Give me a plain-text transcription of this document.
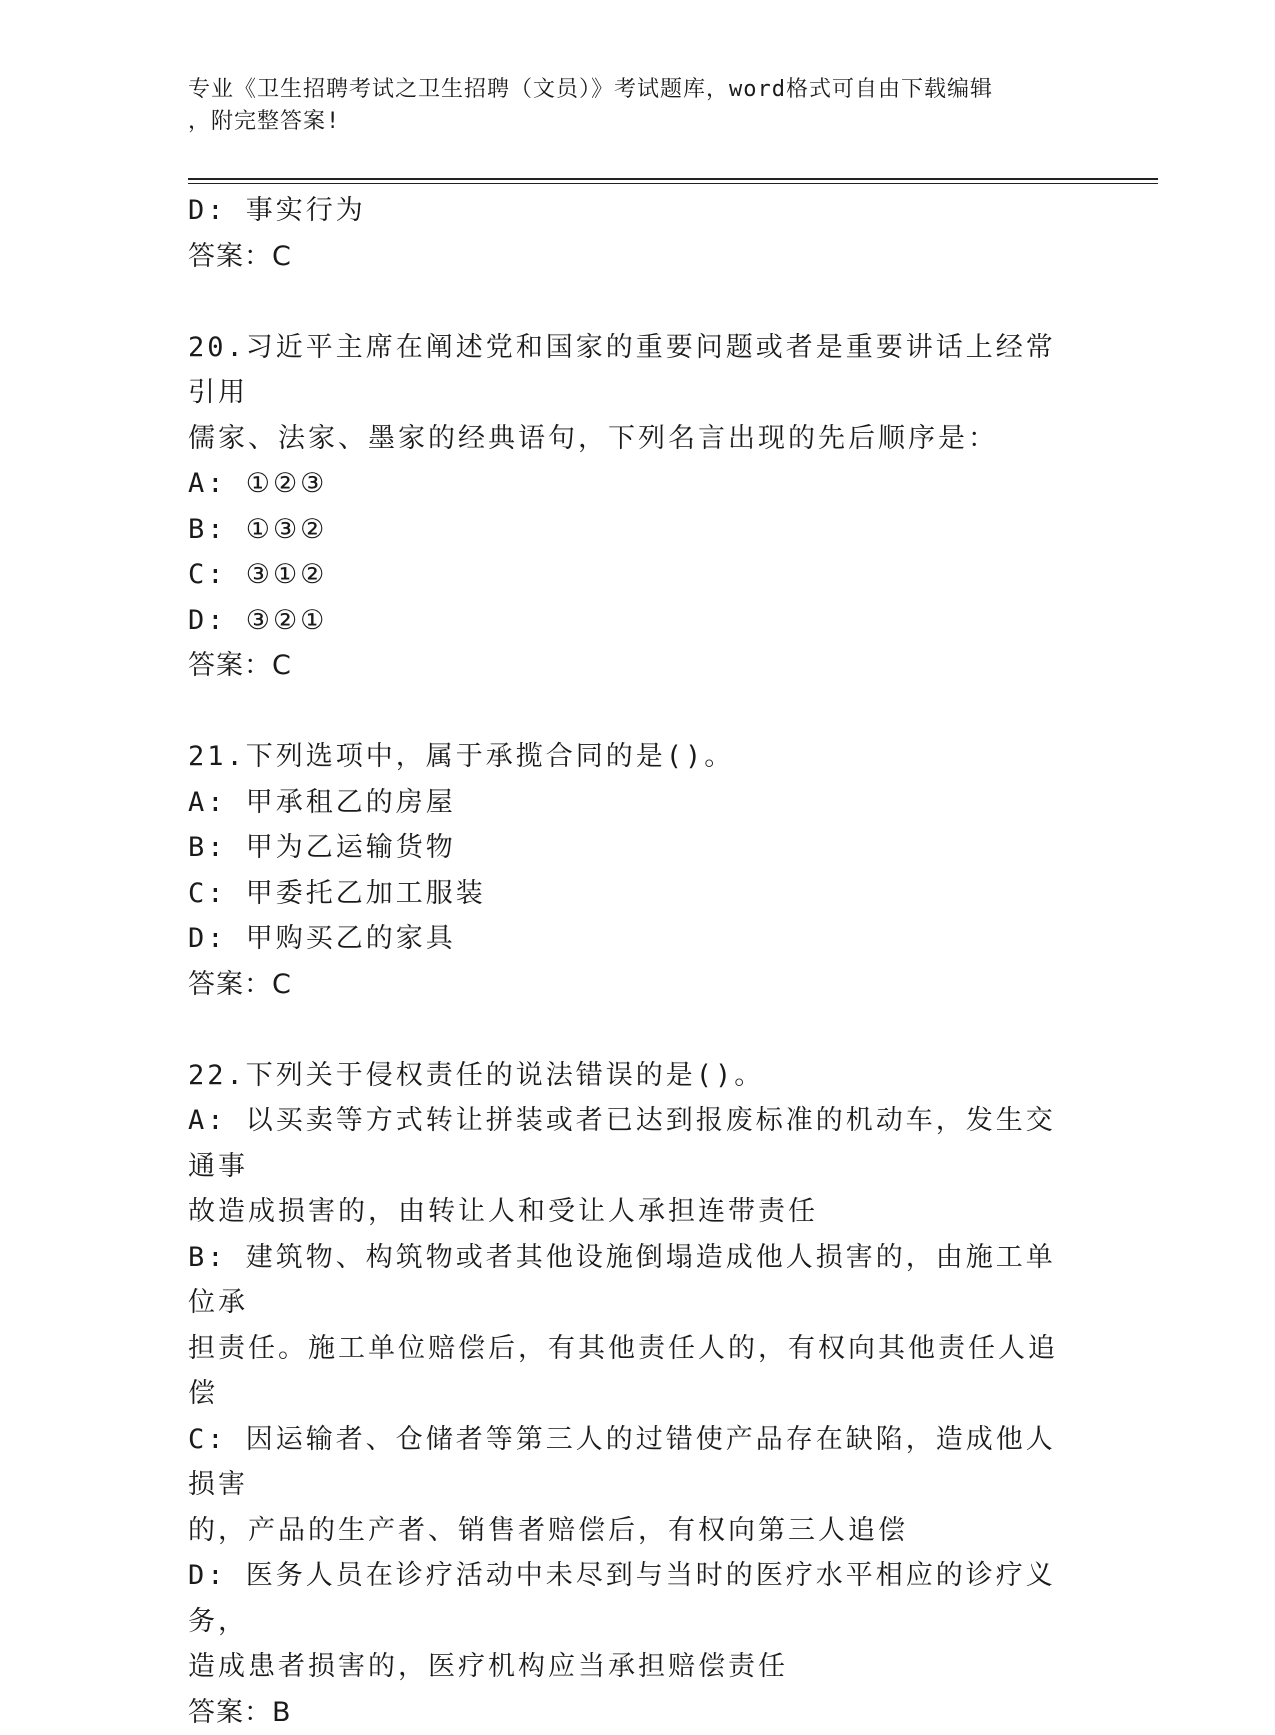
专业《卫生招聘考试之卫生招聘（文员）》考试题库，word格式可自由下载编辑
，附完整答案!

D: 事实行为

答案：C

20.习近平主席在阐述党和国家的重要问题或者是重要讲话上经常引用

儒家、法家、墨家的经典语句，下列名言出现的先后顺序是：

A: ①②③

B: ①③②

C: ③①②

D: ③②①

答案：C

21.下列选项中，属于承揽合同的是()。

A: 甲承租乙的房屋

B: 甲为乙运输货物

C: 甲委托乙加工服装

D: 甲购买乙的家具

答案：C

22.下列关于侵权责任的说法错误的是()。

A: 以买卖等方式转让拼装或者已达到报废标准的机动车，发生交通事

故造成损害的，由转让人和受让人承担连带责任

B: 建筑物、构筑物或者其他设施倒塌造成他人损害的，由施工单位承

担责任。施工单位赔偿后，有其他责任人的，有权向其他责任人追偿

C: 因运输者、仓储者等第三人的过错使产品存在缺陷，造成他人损害

的，产品的生产者、销售者赔偿后，有权向第三人追偿

D: 医务人员在诊疗活动中未尽到与当时的医疗水平相应的诊疗义务，

造成患者损害的，医疗机构应当承担赔偿责任

答案：B
